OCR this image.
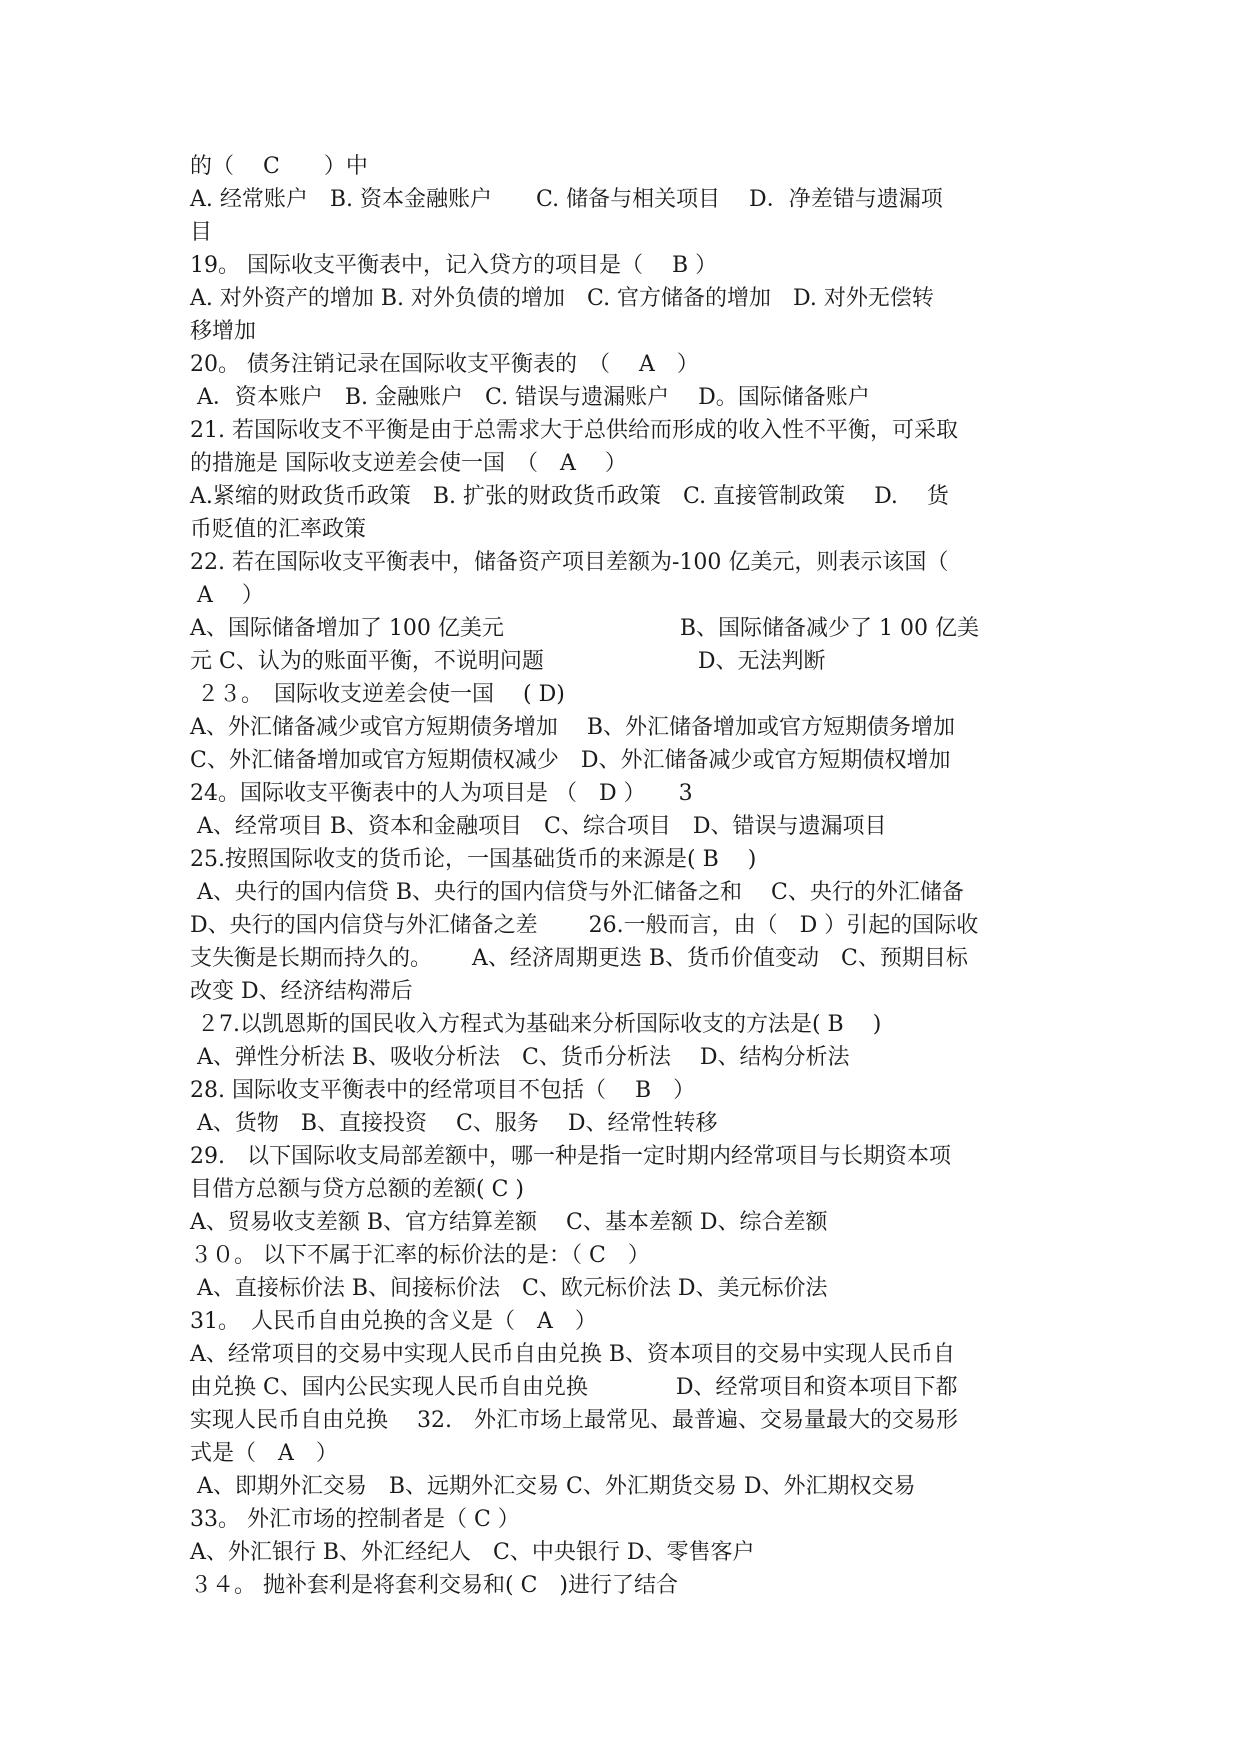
的（　 C　　）中
A. 经常账户　B. 资本金融账户　　C. 储备与相关项目　 D．净差错与遗漏项
目
19。 国际收支平衡表中，记入贷方的项目是（　 B ）
A. 对外资产的增加 B. 对外负债的增加　C. 官方储备的增加　D. 对外无偿转
移增加
20。 债务注销记录在国际收支平衡表的　（　 A　）
A．资本账户　B. 金融账户　C. 错误与遗漏账户　 D。国际储备账户
21. 若国际收支不平衡是由于总需求大于总供给而形成的收入性不平衡，可采取
的措施是 国际收支逆差会使一国　（　A　 ）
A.紧缩的财政货币政策　B. 扩张的财政货币政策　C. 直接管制政策　 D.　 货
币贬值的汇率政策
22. 若在国际收支平衡表中，储备资产项目差额为-100 亿美元，则表示该国（
A　 ）
A、国际储备增加了 100 亿美元　　　　　　　　B、国际储备减少了 1 00 亿美
元 C、认为的账面平衡，不说明问题　　　　　　　D、无法判断
２３。　国际收支逆差会使一国　 ( D)
A、外汇储备减少或官方短期债务增加　 B、外汇储备增加或官方短期债务增加
C、外汇储备增加或官方短期债权减少　D、外汇储备减少或官方短期债权增加
24。国际收支平衡表中的人为项目是 （　D ）　　3
A、经常项目 B、资本和金融项目　C、综合项目　D、错误与遗漏项目
25.按照国际收支的货币论，一国基础货币的来源是( B　 )
A、央行的国内信贷 B、央行的国内信贷与外汇储备之和　 C、央行的外汇储备
D、央行的国内信贷与外汇储备之差　　 26.一般而言，由（　D ）引起的国际收
支失衡是长期而持久的。　　 A、经济周期更迭 B、货币价值变动　C、预期目标
改变 D、经济结构滞后
２7.以凯恩斯的国民收入方程式为基础来分析国际收支的方法是( B　 )
A、弹性分析法 B、吸收分析法　C、货币分析法　 D、结构分析法
28. 国际收支平衡表中的经常项目不包括（　 B　）
A、货物　B、直接投资　 C、服务　 D、经常性转移
29.　以下国际收支局部差额中，哪一种是指一定时期内经常项目与长期资本项
目借方总额与贷方总额的差额( C )
A、贸易收支差额 B、官方结算差额　 C、基本差额 D、综合差额
３０。 以下不属于汇率的标价法的是：（ C　）
A、直接标价法 B、间接标价法　C、欧元标价法 D、美元标价法
31。　人民币自由兑换的含义是（　A　）
A、经常项目的交易中实现人民币自由兑换 B、资本项目的交易中实现人民币自
由兑换 C、国内公民实现人民币自由兑换　　　　D、经常项目和资本项目下都
实现人民币自由兑换　 32.　外汇市场上最常见、最普遍、交易量最大的交易形
式是（　A　）
A、即期外汇交易　B、远期外汇交易 C、外汇期货交易 D、外汇期权交易
33。 外汇市场的控制者是（ C ）
A、外汇银行 B、外汇经纪人　C、中央银行 D、零售客户
３４。 抛补套利是将套利交易和( C　)进行了结合
